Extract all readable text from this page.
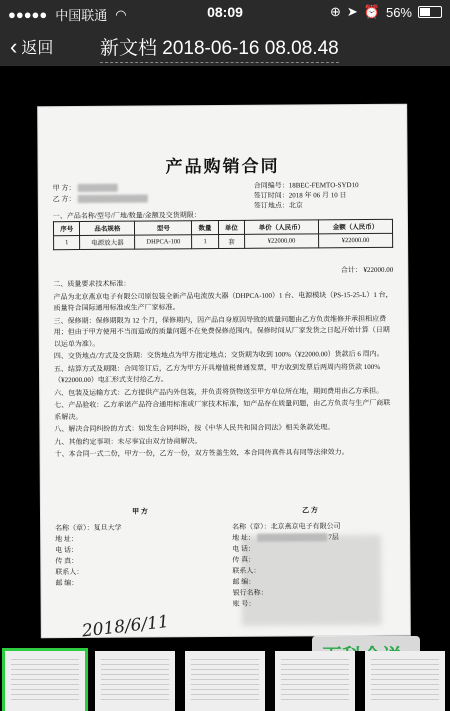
●●●●● 中国联通 ◠	08:09	⊕ ➤ ⏰ 56%
‹ 返回 新文档 2018-06-16 08.08.48
产品购销合同
甲 方：
乙 方：
合同编号：18BEC-FEMTO-SYD10
签订时间：2018 年 06 月 10 日
签订地点：北京
一、产品名称/型号/厂地/数量/金额及交货期限：
序号	品名规格	型号	数量	单位	单价（人民币）	金额（人民币）
1	电源放大器	DHPCA-100	1	套	¥22000.00	¥22000.00
合计： ¥22000.00

二、质量要求技术标准：

产品为北京燕京电子有限公司原包装全新产品电流放大器（DHPCA-100）1 台、电源模块（PS-15-25-L）1 台，质量符合国际通用标准或生产厂家标准。

三、保修期：保修期限为 12 个月，保修期内，因产品自身原因导致的质量问题由乙方负责维修并承担相应费用；但由于甲方使用不当而造成的质量问题不在免费保修范围内。保修时间从厂家发货之日起开始计算（日期以运单为准）。

四、交货地点/方式及交货期：交货地点为甲方指定地点；交货期为收到 100%（¥22000.00）货款后 6 周内。

五、结算方式及期限：合同签订后，乙方为甲方开具增值税普通发票，甲方收到发票后两周内将货款 100%（¥22000.00）电汇形式支付给乙方。

六、包装及运输方式：乙方提供产品内外包装，并负责将货物送至甲方单位所在地，期间费用由乙方承担。

七、产品验收：乙方承诺产品符合通用标准或厂家技术标准，如产品存在质量问题，由乙方负责与生产厂商联系解决。

八、解决合同纠纷的方式：如发生合同纠纷，按《中华人民共和国合同法》相关条款处理。

九、其他约定事项：未尽事宜由双方协商解决。

十、本合同一式二份，甲方一份，乙方一份，双方签盖生效，本合同传真件具有同等法律效力。

甲 方	乙 方
名称（章）：复旦大学
地 址：
电 话：
传 真：
联系人：
邮 编：
名称（章）：北京燕京电子有限公司
地 址：	7层
电 话：
传 真：
联系人：
邮 编：
银行名称：
账 号：
2018/6/11
